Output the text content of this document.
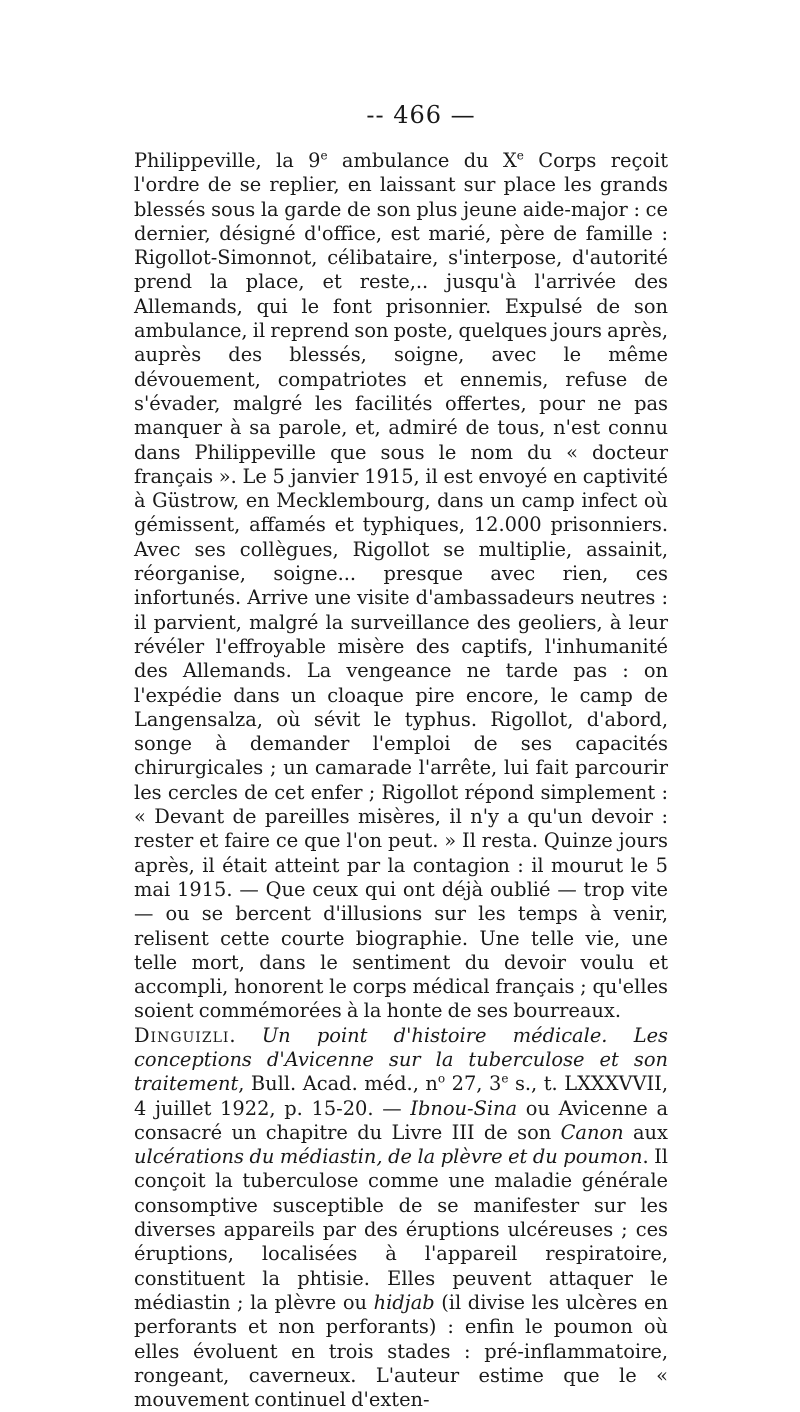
-- 466 —

Philippeville, la 9e ambulance du Xe Corps reçoit l'ordre de se replier, en laissant sur place les grands blessés sous la garde de son plus jeune aide-major : ce dernier, désigné d'office, est marié, père de famille : Rigollot-Simonnot, célibataire, s'interpose, d'autorité prend la place, et reste,.. jusqu'à l'arrivée des Allemands, qui le font prisonnier. Expulsé de son ambulance, il reprend son poste, quelques jours après, auprès des blessés, soigne, avec le même dévouement, compatriotes et ennemis, refuse de s'évader, malgré les facilités offertes, pour ne pas manquer à sa parole, et, admiré de tous, n'est connu dans Philippeville que sous le nom du « docteur français ». Le 5 janvier 1915, il est envoyé en captivité à Güstrow, en Mecklembourg, dans un camp infect où gémissent, affamés et typhiques, 12.000 prisonniers. Avec ses collègues, Rigollot se multiplie, assainit, réorganise, soigne... presque avec rien, ces infortunés. Arrive une visite d'ambassadeurs neutres : il parvient, malgré la surveillance des geoliers, à leur révéler l'effroyable misère des captifs, l'inhumanité des Allemands. La vengeance ne tarde pas : on l'expédie dans un cloaque pire encore, le camp de Langensalza, où sévit le typhus. Rigollot, d'abord, songe à demander l'emploi de ses capacités chirurgicales ; un camarade l'arrête, lui fait parcourir les cercles de cet enfer ; Rigollot répond simplement : « Devant de pareilles misères, il n'y a qu'un devoir : rester et faire ce que l'on peut. » Il resta. Quinze jours après, il était atteint par la contagion : il mourut le 5 mai 1915. — Que ceux qui ont déjà oublié — trop vite — ou se bercent d'illusions sur les temps à venir, relisent cette courte biographie. Une telle vie, une telle mort, dans le sentiment du devoir voulu et accompli, honorent le corps médical français ; qu'elles soient commémorées à la honte de ses bourreaux.

Dinguizli. Un point d'histoire médicale. Les conceptions d'Avicenne sur la tuberculose et son traitement, Bull. Acad. méd., $n^o$ 27, 3e s., t. LXXXVVII, 4 juillet 1922, p. 15-20. — Ibnou-Sina ou Avicenne a consacré un chapitre du Livre III de son Canon aux ulcérations du médiastin, de la plèvre et du poumon. Il conçoit la tuberculose comme une maladie générale consomptive susceptible de se manifester sur les diverses appareils par des éruptions ulcéreuses ; ces éruptions, localisées à l'appareil respiratoire, constituent la phtisie. Elles peuvent attaquer le médiastin ; la plèvre ou hidjab (il divise les ulcères en perforants et non perforants) : enfin le poumon où elles évoluent en trois stades : pré-inflammatoire, rongeant, caverneux. L'auteur estime que le « mouvement continuel d'exten-
